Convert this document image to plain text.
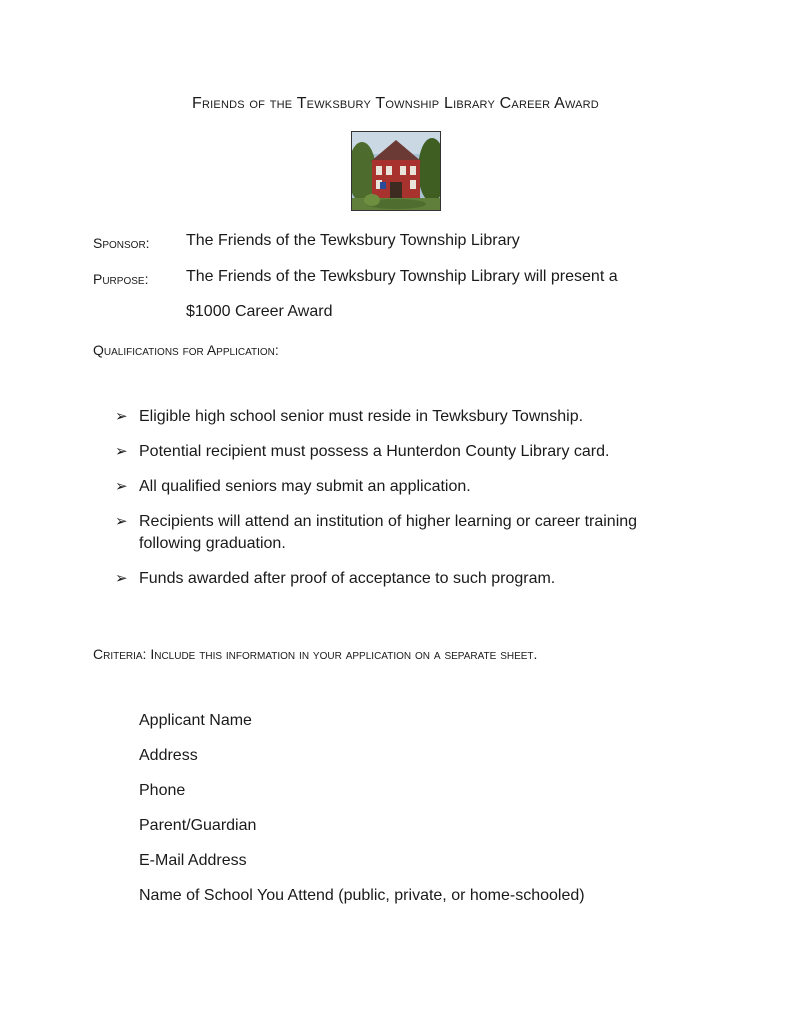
Friends of the Tewksbury Township Library Career Award
Sponsor: The Friends of the Tewksbury Township Library
Purpose: The Friends of the Tewksbury Township Library will present a
$1000 Career Award
Qualifications for Application:
➢ Eligible high school senior must reside in Tewksbury Township.
➢ Potential recipient must possess a Hunterdon County Library card.
➢ All qualified seniors may submit an application.
➢ Recipients will attend an institution of higher learning or career training following graduation.
➢ Funds awarded after proof of acceptance to such program.
Criteria: Include this information in your application on a separate sheet.
Applicant Name
Address
Phone
Parent/Guardian
E-Mail Address
Name of School You Attend (public, private, or home-schooled)
